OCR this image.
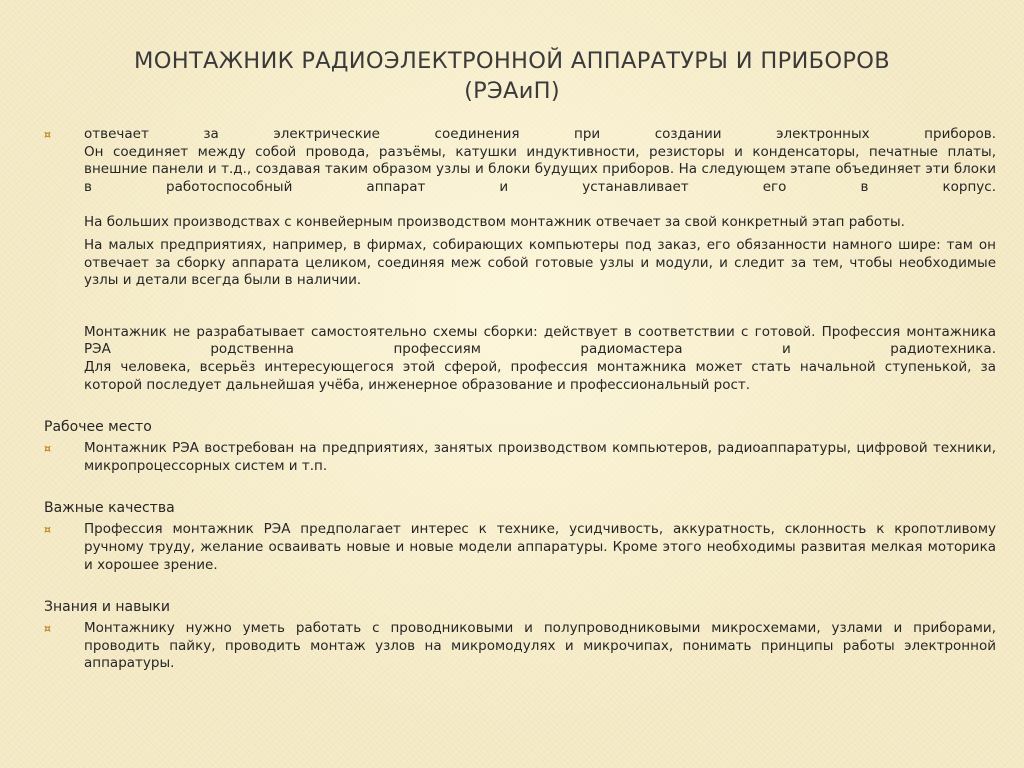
МОНТАЖНИК РАДИОЭЛЕКТРОННОЙ АППАРАТУРЫ И ПРИБОРОВ
(РЭАиП)
¤	отвечает за электрические соединения при создании электронных приборов.
Он соединяет между собой провода, разъёмы, катушки индуктивности, резисторы и конденсаторы, печатные платы, внешние панели и т.д., создавая таким образом узлы и блоки будущих приборов. На следующем этапе объединяет эти блоки в работоспособный аппарат и устанавливает его в корпус.
На больших производствах с конвейерным производством монтажник отвечает за свой конкретный этап работы.
На малых предприятиях, например, в фирмах, собирающих компьютеры под заказ, его обязанности намного шире: там он отвечает за сборку аппарата целиком, соединяя меж собой готовые узлы и модули, и следит за тем, чтобы необходимые узлы и детали всегда были в наличии.
Монтажник не разрабатывает самостоятельно схемы сборки: действует в соответствии с готовой. Профессия монтажника РЭА родственна профессиям радиомастера и радиотехника.
Для человека, всерьёз интересующегося этой сферой, профессия монтажника может стать начальной ступенькой, за которой последует дальнейшая учёба, инженерное образование и профессиональный рост.
Рабочее место
¤	Монтажник РЭА востребован на предприятиях, занятых производством компьютеров, радиоаппаратуры, цифровой техники, микропроцессорных систем и т.п.
Важные качества
¤	Профессия монтажник РЭА предполагает интерес к технике, усидчивость, аккуратность, склонность к кропотливому ручному труду, желание осваивать новые и новые модели аппаратуры. Кроме этого необходимы развитая мелкая моторика и хорошее зрение.
Знания и навыки
¤	Монтажнику нужно уметь работать с проводниковыми и полупроводниковыми микросхемами, узлами и приборами, проводить пайку, проводить монтаж узлов на микромодулях и микрочипах, понимать принципы работы электронной аппаратуры.
